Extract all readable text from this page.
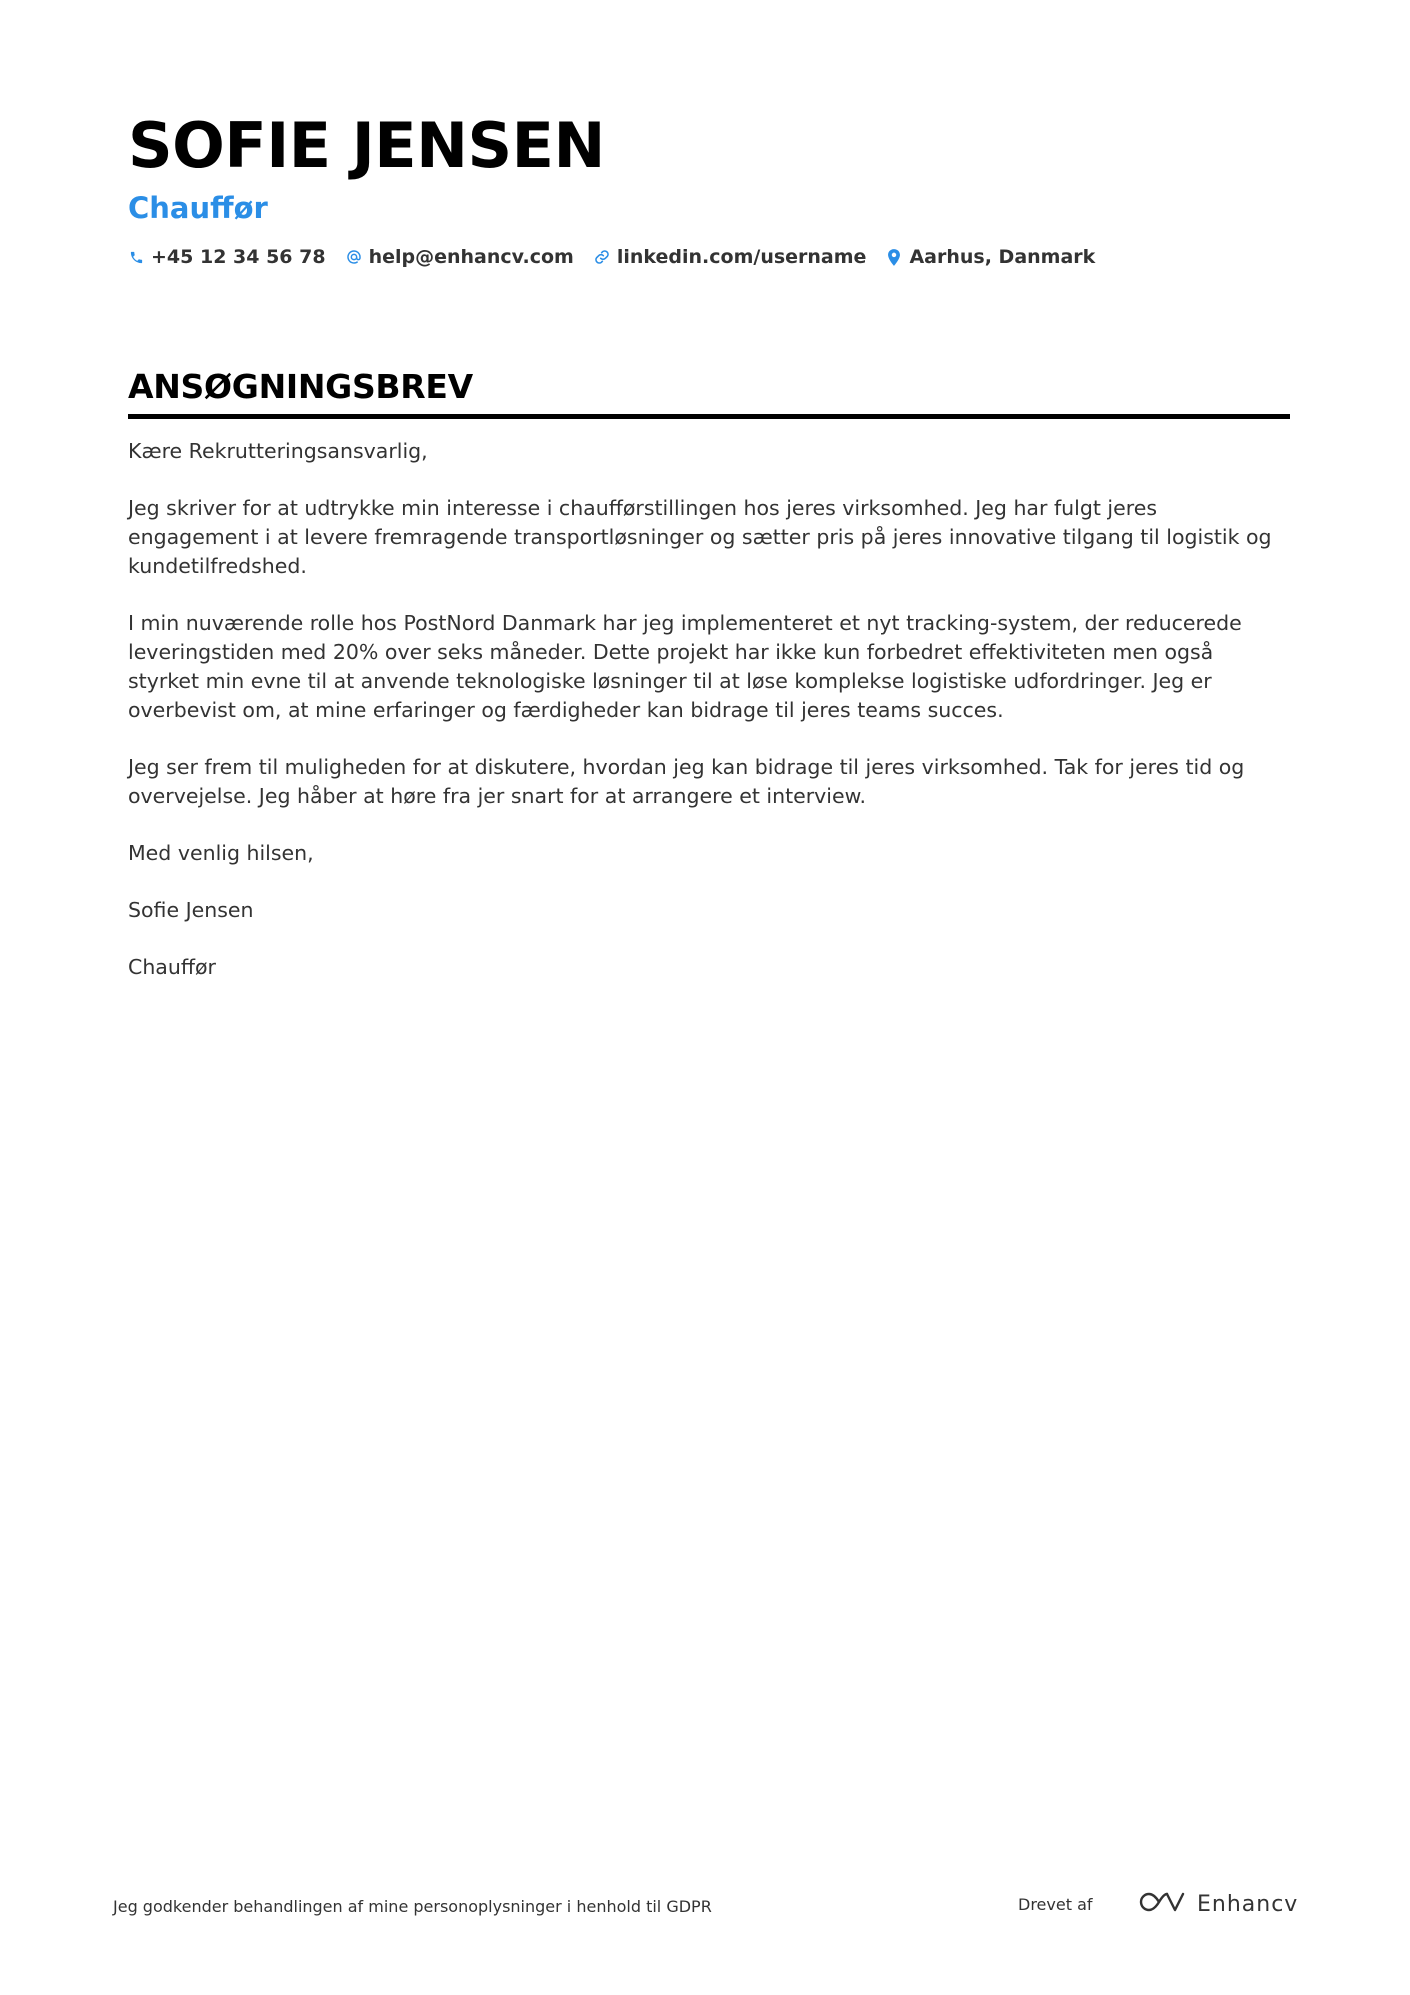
SOFIE JENSEN
Chauffør
+45 12 34 56 78 help@enhancv.com linkedin.com/username Aarhus, Danmark
ANSØGNINGSBREV

Kære Rekrutteringsansvarlig,

Jeg skriver for at udtrykke min interesse i chaufførstillingen hos jeres virksomhed. Jeg har fulgt jeres engagement i at levere fremragende transportløsninger og sætter pris på jeres innovative tilgang til logistik og kundetilfredshed.

I min nuværende rolle hos PostNord Danmark har jeg implementeret et nyt tracking-system, der reducerede leveringstiden med 20% over seks måneder. Dette projekt har ikke kun forbedret effektiviteten men også styrket min evne til at anvende teknologiske løsninger til at løse komplekse logistiske udfordringer. Jeg er overbevist om, at mine erfaringer og færdigheder kan bidrage til jeres teams succes.

Jeg ser frem til muligheden for at diskutere, hvordan jeg kan bidrage til jeres virksomhed. Tak for jeres tid og overvejelse. Jeg håber at høre fra jer snart for at arrangere et interview.

Med venlig hilsen,

Sofie Jensen

Chauffør

Jeg godkender behandlingen af mine personoplysninger i henhold til GDPR	Drevet af	Enhancv
